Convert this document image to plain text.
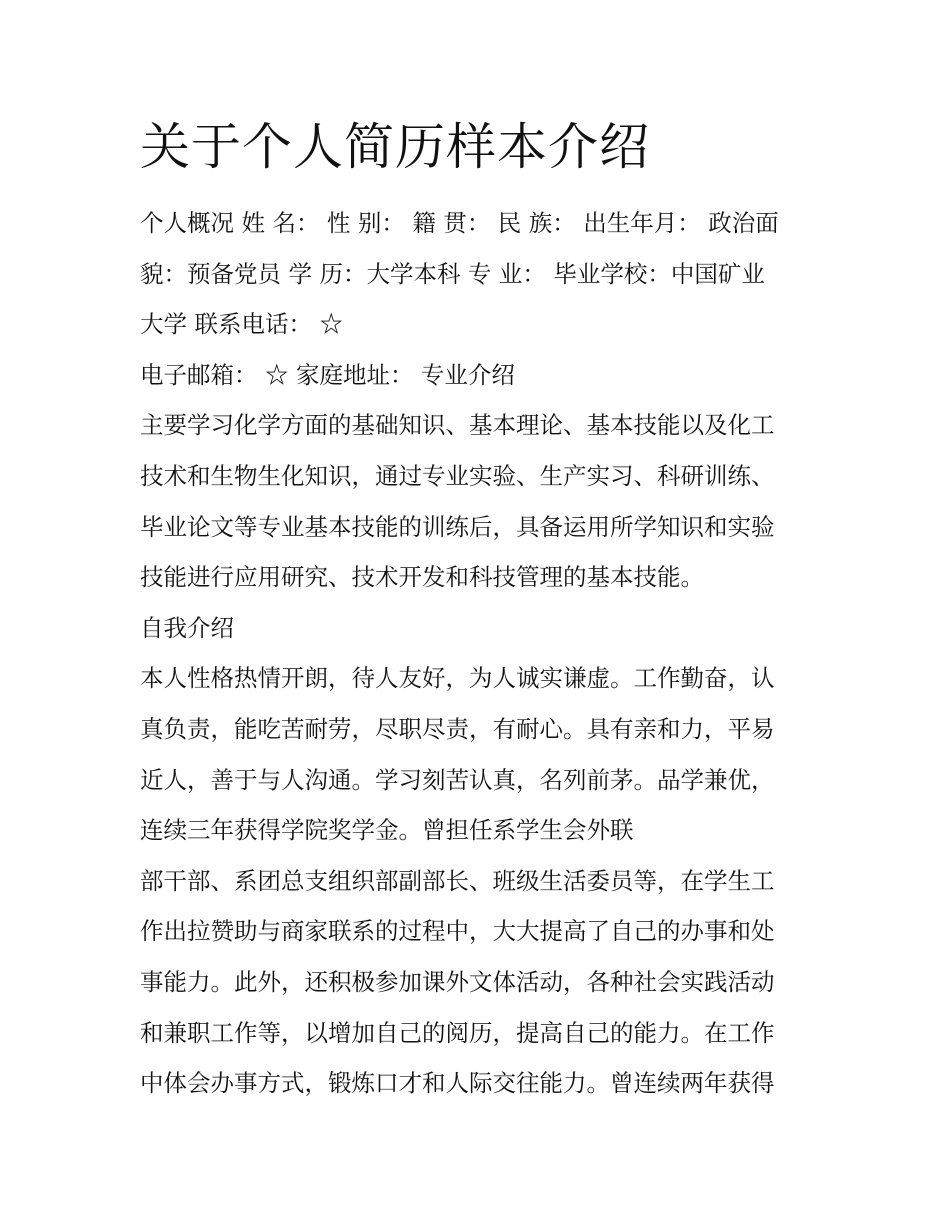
关于个人简历样本介绍
个人概况 姓 名： 性 别： 籍 贯： 民 族： 出生年月： 政治面
貌：预备党员 学 历：大学本科 专 业： 毕业学校：中国矿业
大学 联系电话： ☆
电子邮箱： ☆ 家庭地址： 专业介绍
主要学习化学方面的基础知识、基本理论、基本技能以及化工
技术和生物生化知识，通过专业实验、生产实习、科研训练、
毕业论文等专业基本技能的训练后，具备运用所学知识和实验
技能进行应用研究、技术开发和科技管理的基本技能。
自我介绍
本人性格热情开朗，待人友好，为人诚实谦虚。工作勤奋，认
真负责，能吃苦耐劳，尽职尽责，有耐心。具有亲和力，平易
近人，善于与人沟通。学习刻苦认真，名列前茅。品学兼优，
连续三年获得学院奖学金。曾担任系学生会外联
部干部、系团总支组织部副部长、班级生活委员等，在学生工
作出拉赞助与商家联系的过程中，大大提高了自己的办事和处
事能力。此外，还积极参加课外文体活动，各种社会实践活动
和兼职工作等，以增加自己的阅历，提高自己的能力。在工作
中体会办事方式，锻炼口才和人际交往能力。曾连续两年获得
